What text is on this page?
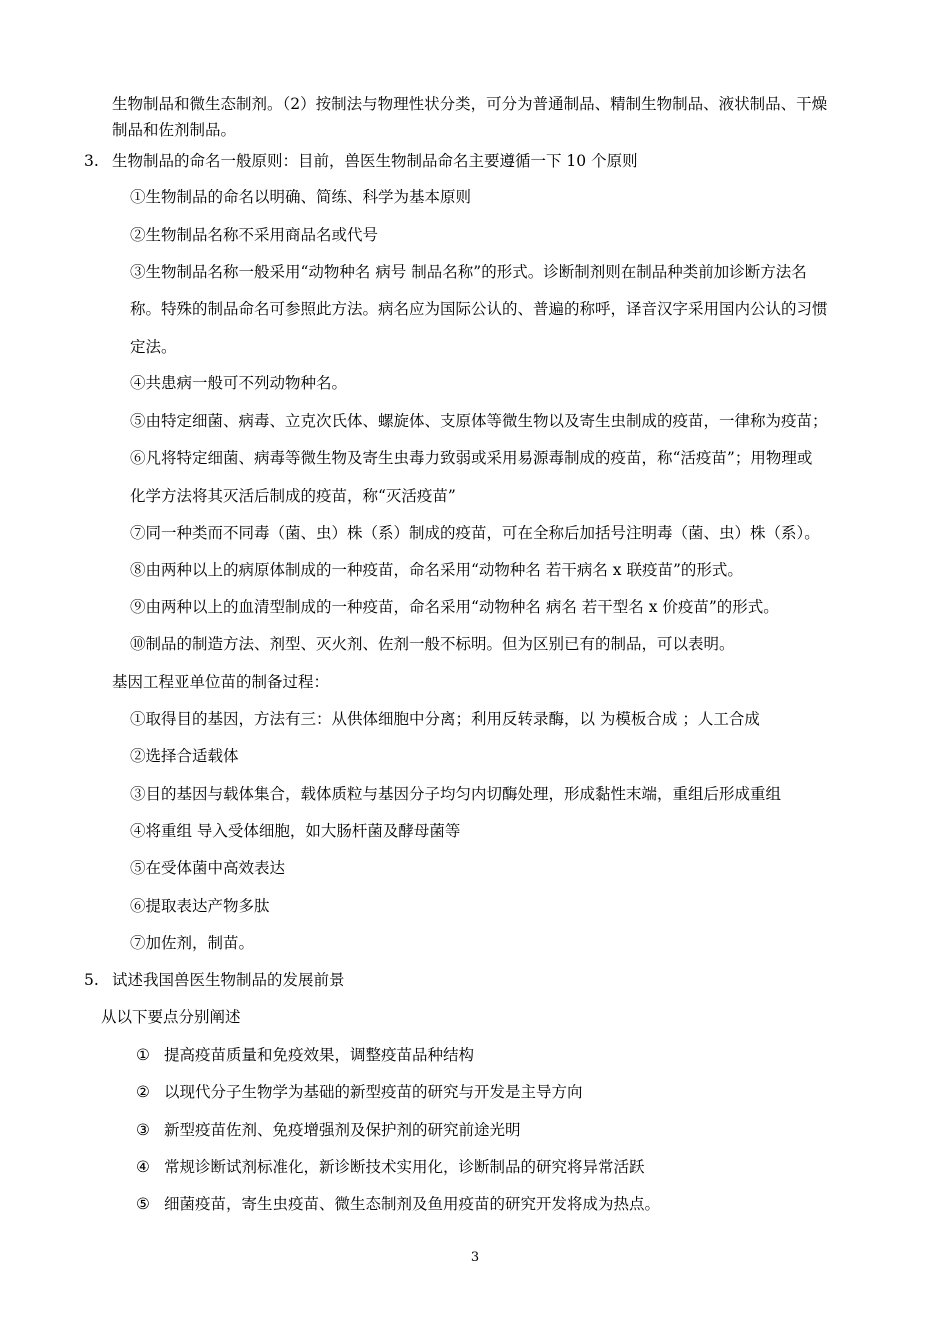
生物制品和微生态制剂。（2）按制法与物理性状分类，可分为普通制品、精制生物制品、液状制品、干燥
制品和佐剂制品。
3. 生物制品的命名一般原则：目前，兽医生物制品命名主要遵循一下 10 个原则
①生物制品的命名以明确、简练、科学为基本原则
②生物制品名称不采用商品名或代号
③生物制品名称一般采用“动物种名 病号 制品名称”的形式。诊断制剂则在制品种类前加诊断方法名
称。特殊的制品命名可参照此方法。病名应为国际公认的、普遍的称呼，译音汉字采用国内公认的习惯
定法。
④共患病一般可不列动物种名。
⑤由特定细菌、病毒、立克次氏体、螺旋体、支原体等微生物以及寄生虫制成的疫苗，一律称为疫苗；
⑥凡将特定细菌、病毒等微生物及寄生虫毒力致弱或采用易源毒制成的疫苗，称“活疫苗”；用物理或
化学方法将其灭活后制成的疫苗，称“灭活疫苗”
⑦同一种类而不同毒（菌、虫）株（系）制成的疫苗，可在全称后加括号注明毒（菌、虫）株（系）。
⑧由两种以上的病原体制成的一种疫苗，命名采用“动物种名 若干病名 x 联疫苗”的形式。
⑨由两种以上的血清型制成的一种疫苗，命名采用“动物种名 病名 若干型名 x 价疫苗”的形式。
⑩制品的制造方法、剂型、灭火剂、佐剂一般不标明。但为区别已有的制品，可以表明。
基因工程亚单位苗的制备过程：
①取得目的基因，方法有三：从供体细胞中分离；利用反转录酶，以 为模板合成 ；人工合成
②选择合适载体
③目的基因与载体集合，载体质粒与基因分子均匀内切酶处理，形成黏性末端，重组后形成重组
④将重组 导入受体细胞，如大肠杆菌及酵母菌等
⑤在受体菌中高效表达
⑥提取表达产物多肽
⑦加佐剂，制苗。
5. 试述我国兽医生物制品的发展前景
从以下要点分别阐述
① 提高疫苗质量和免疫效果，调整疫苗品种结构
② 以现代分子生物学为基础的新型疫苗的研究与开发是主导方向
③ 新型疫苗佐剂、免疫增强剂及保护剂的研究前途光明
④ 常规诊断试剂标准化，新诊断技术实用化，诊断制品的研究将异常活跃
⑤ 细菌疫苗，寄生虫疫苗、微生态制剂及鱼用疫苗的研究开发将成为热点。
3
